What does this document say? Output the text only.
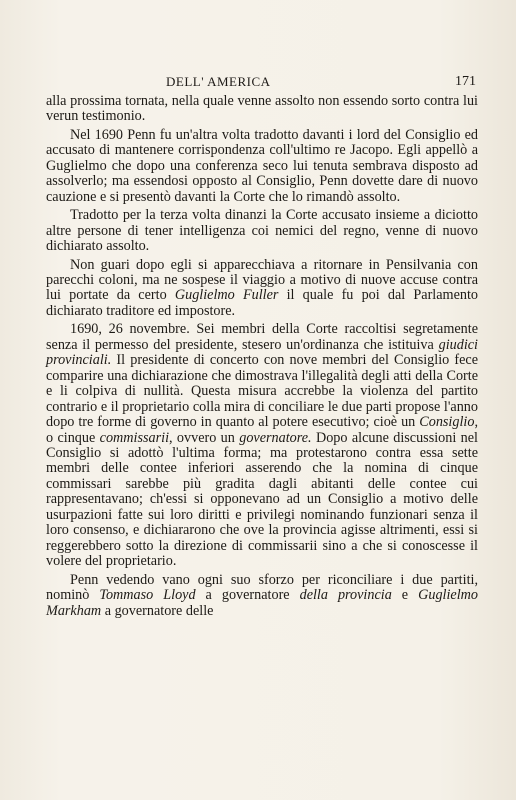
DELL' AMERICA	171

alla prossima tornata, nella quale venne assolto non essendo sorto contra lui verun testimonio.

Nel 1690 Penn fu un'altra volta tradotto davanti i lord del Consiglio ed accusato di mantenere corrispondenza coll'ultimo re Jacopo. Egli appellò a Guglielmo che dopo una conferenza seco lui tenuta sembrava disposto ad assolverlo; ma essendosi opposto al Consiglio, Penn dovette dare di nuovo cauzione e si presentò davanti la Corte che lo rimandò assolto.

Tradotto per la terza volta dinanzi la Corte accusato insieme a diciotto altre persone di tener intelligenza coi nemici del regno, venne di nuovo dichiarato assolto.

Non guari dopo egli si apparecchiava a ritornare in Pensilvania con parecchi coloni, ma ne sospese il viaggio a motivo di nuove accuse contra lui portate da certo Guglielmo Fuller il quale fu poi dal Parlamento dichiarato traditore ed impostore.

1690, 26 novembre. Sei membri della Corte raccoltisi segretamente senza il permesso del presidente, stesero un'ordinanza che istituiva giudici provinciali. Il presidente di concerto con nove membri del Consiglio fece comparire una dichiarazione che dimostrava l'illegalità degli atti della Corte e li colpiva di nullità. Questa misura accrebbe la violenza del partito contrario e il proprietario colla mira di conciliare le due parti propose l'anno dopo tre forme di governo in quanto al potere esecutivo; cioè un Consiglio, o cinque commissarii, ovvero un governatore. Dopo alcune discussioni nel Consiglio si adottò l'ultima forma; ma protestarono contra essa sette membri delle contee inferiori asserendo che la nomina di cinque commissari sarebbe più gradita dagli abitanti delle contee cui rappresentavano; ch'essi si opponevano ad un Consiglio a motivo delle usurpazioni fatte sui loro diritti e privilegi nominando funzionari senza il loro consenso, e dichiararono che ove la provincia agisse altrimenti, essi si reggerebbero sotto la direzione di commissarii sino a che si conoscesse il volere del proprietario.

Penn vedendo vano ogni suo sforzo per riconciliare i due partiti, nominò Tommaso Lloyd a governatore della provincia e Guglielmo Markham a governatore delle
